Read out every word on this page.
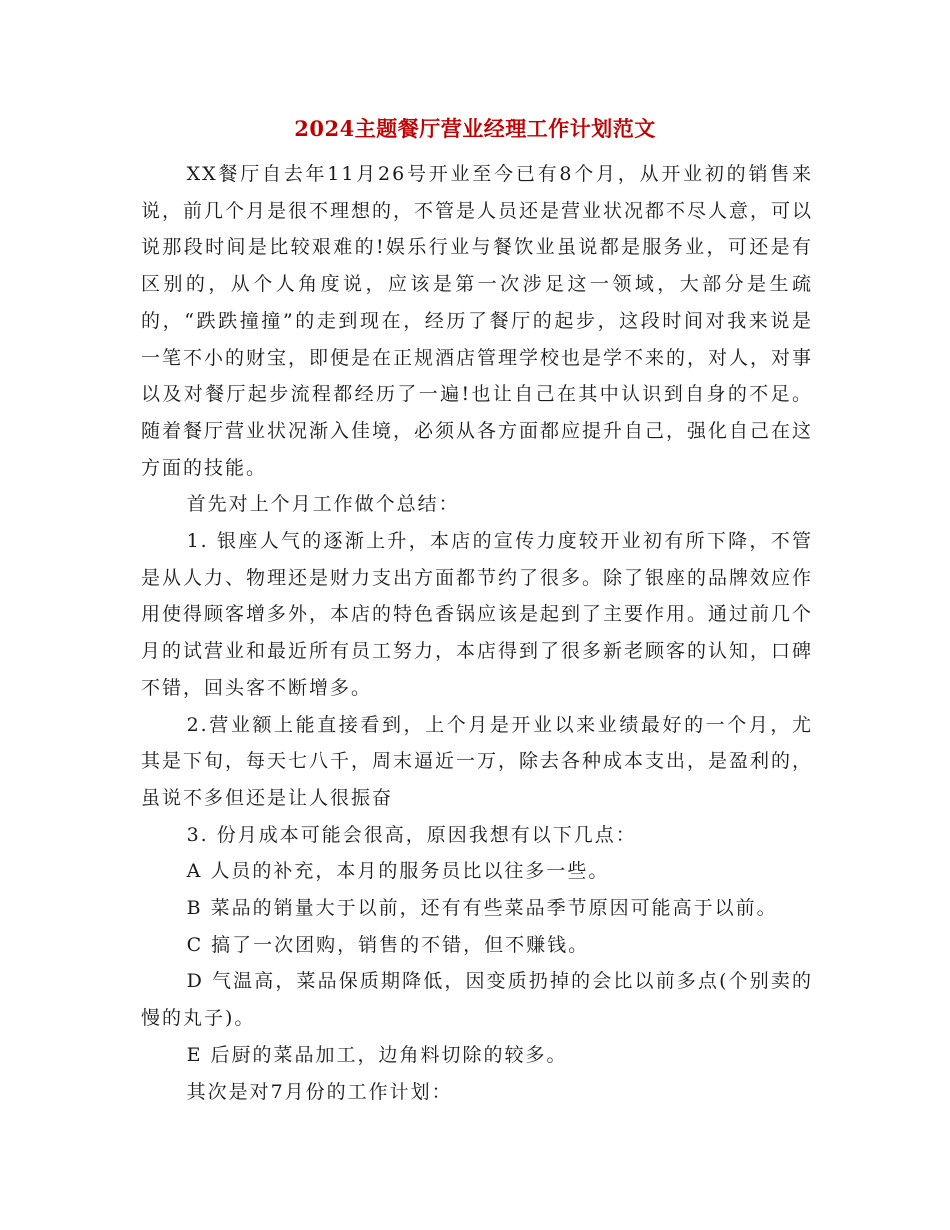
2024主题餐厅营业经理工作计划范文

XX餐厅自去年11月26号开业至今已有8个月，从开业初的销售来说，前几个月是很不理想的，不管是人员还是营业状况都不尽人意，可以说那段时间是比较艰难的!娱乐行业与餐饮业虽说都是服务业，可还是有区别的，从个人角度说，应该是第一次涉足这一领域，大部分是生疏的，“跌跌撞撞”的走到现在，经历了餐厅的起步，这段时间对我来说是一笔不小的财宝，即便是在正规酒店管理学校也是学不来的，对人，对事以及对餐厅起步流程都经历了一遍!也让自己在其中认识到自身的不足。随着餐厅营业状况渐入佳境，必须从各方面都应提升自己，强化自己在这方面的技能。

首先对上个月工作做个总结：

1. 银座人气的逐渐上升，本店的宣传力度较开业初有所下降，不管是从人力、物理还是财力支出方面都节约了很多。除了银座的品牌效应作用使得顾客增多外，本店的特色香锅应该是起到了主要作用。通过前几个月的试营业和最近所有员工努力，本店得到了很多新老顾客的认知，口碑不错，回头客不断增多。

2.营业额上能直接看到，上个月是开业以来业绩最好的一个月，尤其是下旬，每天七八千，周末逼近一万，除去各种成本支出，是盈利的，虽说不多但还是让人很振奋

3. 份月成本可能会很高，原因我想有以下几点：

A 人员的补充，本月的服务员比以往多一些。

B 菜品的销量大于以前，还有有些菜品季节原因可能高于以前。

C 搞了一次团购，销售的不错，但不赚钱。

D 气温高，菜品保质期降低，因变质扔掉的会比以前多点(个别卖的慢的丸子)。

E 后厨的菜品加工，边角料切除的较多。

其次是对7月份的工作计划：
